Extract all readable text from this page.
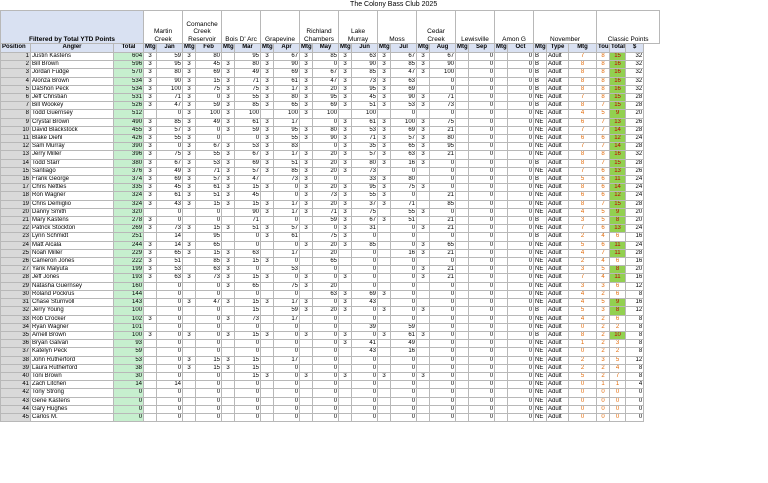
			The Colony Bass Club 2025																										
Filtered by Total YTD Points			Martin Creek		Comanche Creek Reservoir		Bois D' Arc		Grapevine		Richland Chambers		Lake Murray		Moss		Cedar Creek		Lewisville		Amon G		November			Classic Points			
Position	Angler	Total	Mtg	Jan	Mtg	Feb	Mtg	Mar	Mtg	Apr	Mtg	May	Mtg	Jun	Mtg	Jul	Mtg	Aug	Mtg	Sep	Mtg	Oct	Mtg	Type	Mtg	Tou	Total	$	
1	Justin Kastens	604	3	59	3	80		95	3	67	3	85	3	63	3	67	3	67		0		0	B	Adult	7	8	15	32	
2	Bill Brown	596	3	95	3	45	3	80	3	90	3	0	3	90	3	85	3	90		0		0	B	Adult	8	8	16	32	
3	Jordan Fudge	570	3	80	3	69	3	49	3	69	3	67	3	85	3	47	3	100		0		0	B	Adult	8	8	16	32	
4	Alonza Brown	534	3	90	3	15	3	71	3	61	3	47	3	73	3	63		0		0		0	B	Adult	8	8	16	32	
5	DaShon Peck	534	3	100	3	75	3	75	3	17	3	20	3	95	3	69		0		0		0	B	Adult	8	8	16	32	
6	Jeff Christian	531	3	71	3	0	3	55	3	80	3	95	3	45	3	90	3	71		0		0	NE	Adult	7	8	15	28	
7	Bill Wookey	526	3	47	3	59	3	85	3	65	3	69	3	51	3	53	3	73		0		0	B	Adult	8	7	15	28	
8	Todd Guernsey	512		0	3	100	3	100		100	3	100		100		0		0		0		0	NE	Adult	4	5	9	20	
9	Crystal Brown	490	3	85	3	49	3	61	3	17		0	3	61	3	100	3	75		0		0	NE	Adult	6	7	13	26	
10	David Blackstock	455	3	57	3	0	3	59	3	95	3	80	3	53	3	69	3	21		0		0	NE	Adult	7	7	14	28	
11	Blake Diehl	426	3	55	3	0		0	3	55	3	90	3	71	3	57	3	80		0		0	NE	Adult	6	6	12	24	
12	Sam Murray	390	3	0	3	67	3	53	3	83		0	3	35	3	65	3	95		0		0	NE	Adult	7	7	14	28	
13	Jerry Miller	396	3	75	3	55	3	67	3	17	3	20	3	57	3	63	3	21		0		0	NE	Adult	8	8	16	32	
14	Todd Starr	380	3	67	3	53	3	69	3	51	3	20	3	80	3	16	3	0		0		0	B	Adult	8	7	15	28	
15	Santiago	376	3	49	3	71	3	57	3	85	3	20	3	73		0		0		0		0	NE	Adult	7	6	13	26	
16	Frank George	374	3	69	3	57	3	47		73	3	0		33	3	80		0		0		0	B	Adult	5	6	11	24	
17	Chris Nettles	335	3	45	3	61	3	15	3	0	3	20	3	95	3	75	3	0		0		0	NE	Adult	8	6	14	24	
18	Ron Wagner	324	3	61	3	51	3	45		0	3	73	3	55	3	0		21		0		0	NE	Adult	6	6	12	24	
19	Chris Demiglio	324	3	43	3	15	3	15	3	17	3	20	3	37	3	71		85		0		0	NE	Adult	8	7	15	28	
20	Danny Smith	320		0		0		90	3	17	3	71	3	75		55	3	0		0		0	NE	Adult	4	5	9	20	
21	Mary Kastens	278	3	0		0		71		0		59	3	67	3	51		21		0		0	B	Adult	3	5	8	20	
22	Patrick Stockton	269	3	73	3	15	3	51	3	57	3	0	3	31		0	3	21		0		0	NE	Adult	7	6	13	24	
23	Lynn Schmidt	251		14		95		0	3	61		75	3	0		0		0		0		0	B	Adult	2	4	6	16	
24	Matt Alcala	244	3	14	3	65		0		0	3	20	3	85		0	3	65		0		0	NE	Adult	5	6	11	24	
25	Noah Miller	229	3	65	3	15	3	63		17		20		0		16	3	21		0		0	NE	Adult	4	7	11	28	
26	Cameron Jones	222	3	51		85	3	15	3	0		65		0		0		0		0		0	NE	Adult	2	4	6	16	
27	Yarik Malyuta	199	3	53		63	3	0		53		0		0		0	3	21		0		0	NE	Adult	3	5	8	20	
28	Jeff Jones	193	3	63	3	73	3	15	3	0	3	0	3	0		0	3	21		0		0	NE	Adult	7	4	11	16	
29	Natasha Guernsey	160		0		0	3	65		75	3	20		0		0		0		0		0	NE	Adult	3	3	6	12	
30	Roland Pockrus	144		0		0		0		0		63	3	69	3	0		0		0		0	NE	Adult	4	2	6	8	
31	Chase Sturnvoll	143		0	3	47	3	15	3	17	3	0	3	43		0		0		0		0	NE	Adult	4	5	9	16	
32	Jerry Young	100		0		0		15		59	3	20	3	0	3	0	3	0		0		0	B	Adult	5	3	8	12	
33	Rob Crocker	102	3	0		0	3	73		17		0		0		0		0		0		0	NE	Adult	4	2	6	8	
34	Ryan Wagner	101		0		0		0		0		0		39		59		0		0		0	NE	Adult	0	2	2	8	
35	Arnell Brown	100	3	0	3	0	3	15	3	0	3	0	3	0	3	61	3	0		0		0	B	Adult	8	2	10	8	
36	Bryan Galvan	93		0		0		0		0		0	3	41		49		0		0		0	NE	Adult	1	2	3	8	
37	Katelyn Peck	59		0		0		0		0		0		43		16		0		0		0	NE	Adult	0	2	2	8	
38	John Rutherford	53		0	3	15	3	15		17		0		0		0		0		0		0	NE	Adult	2	3	5	12	
39	Laura Rutherford	38		0	3	15	3	15		0		0		0		0		0		0		0	NE	Adult	2	2	4	8	
40	Toni Brown	30		0		0		15	3	0	3	0	3	0	3	0	3	0		0		0	NE	Adult	5	2	7	8	
41	Zach Litchen	14		14		0		0		0		0		0		0		0		0		0	NE	Adult	0	1	1	4	
42	Tony Strong	0		0		0		0		0		0		0		0		0		0		0	NE	Adult	0	0	0	0	
43	Gene Kastens	0		0		0		0		0		0		0		0		0		0		0	NE	Adult	0	0	0	0	
44	Gary Hughes	0		0		0		0		0		0		0		0		0		0		0	NE	Adult	0	0	0	0	
45	Carlos M.	0		0		0		0		0		0		0		0		0		0		0	NE	Adult	0	0	0	0	
